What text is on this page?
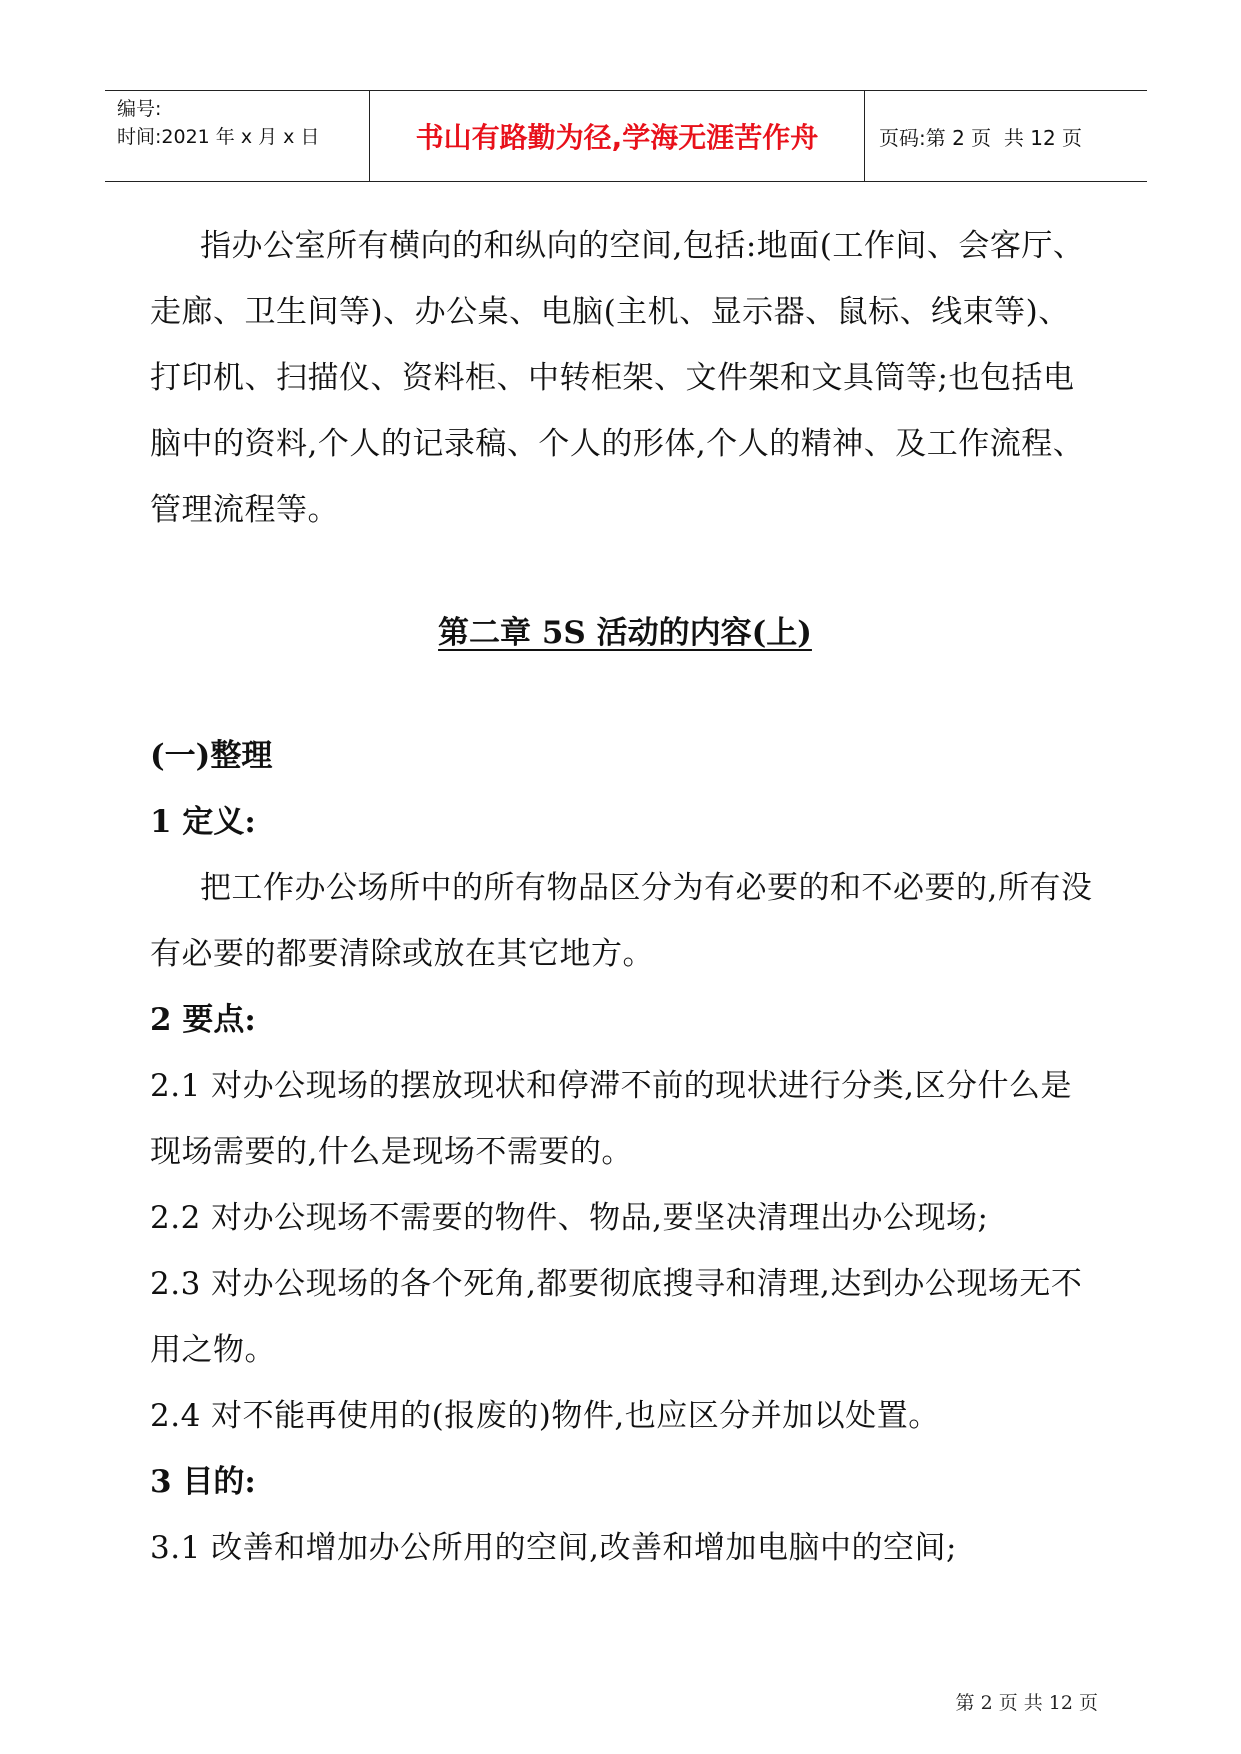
编号:
时间:2021 年 x 月 x 日	书山有路勤为径,学海无涯苦作舟	页码:第 2 页  共 12 页

指办公室所有横向的和纵向的空间,包括:地面(工作间、会客厅、走廊、卫生间等)、办公桌、电脑(主机、显示器、鼠标、线束等)、打印机、扫描仪、资料柜、中转柜架、文件架和文具筒等;也包括电脑中的资料,个人的记录稿、个人的形体,个人的精神、及工作流程、管理流程等。

第二章 5S 活动的内容(上)

(一)整理

1 定义:

把工作办公场所中的所有物品区分为有必要的和不必要的,所有没有必要的都要清除或放在其它地方。

2 要点:

2.1 对办公现场的摆放现状和停滞不前的现状进行分类,区分什么是现场需要的,什么是现场不需要的。

2.2 对办公现场不需要的物件、物品,要坚决清理出办公现场;

2.3 对办公现场的各个死角,都要彻底搜寻和清理,达到办公现场无不用之物。

2.4 对不能再使用的(报废的)物件,也应区分并加以处置。

3 目的:

3.1 改善和增加办公所用的空间,改善和增加电脑中的空间;

第 2 页 共 12 页
